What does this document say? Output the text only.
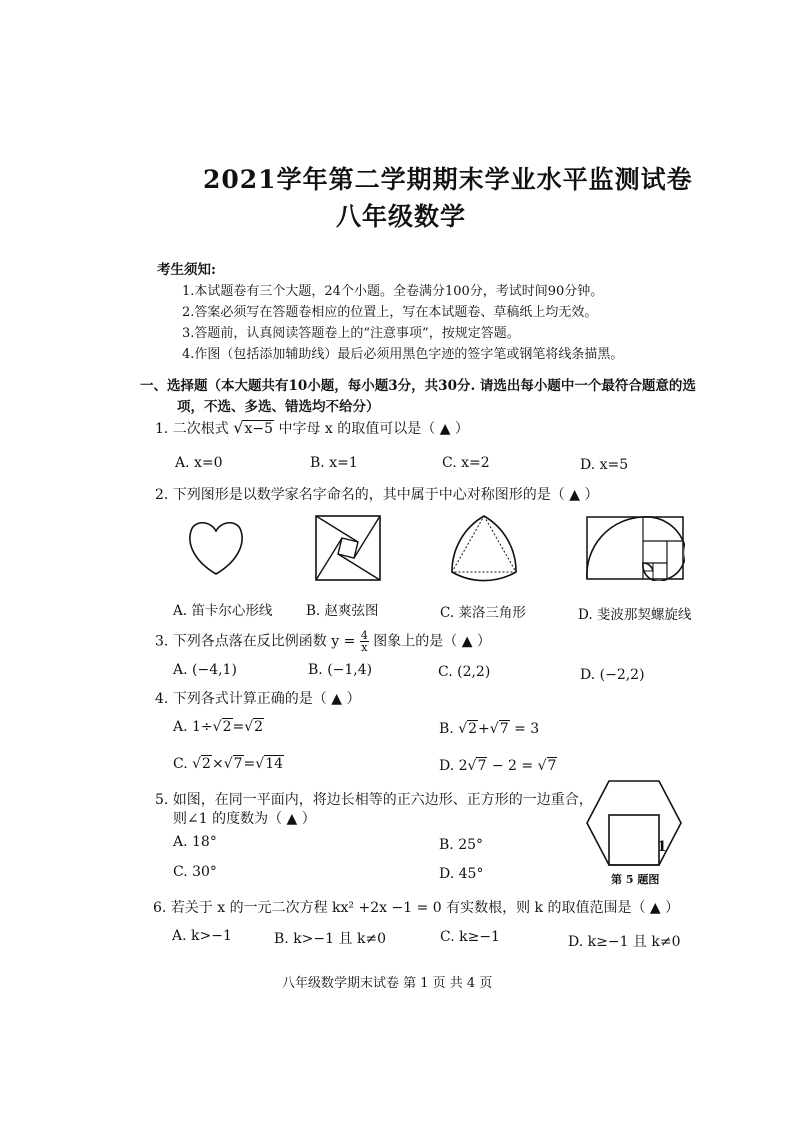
2021学年第二学期期末学业水平监测试卷
八年级数学
考生须知:
1.本试题卷有三个大题，24个小题。全卷满分100分，考试时间90分钟。
2.答案必须写在答题卷相应的位置上，写在本试题卷、草稿纸上均无效。
3.答题前，认真阅读答题卷上的“注意事项”，按规定答题。
4.作图（包括添加辅助线）最后必须用黑色字迹的签字笔或钢笔将线条描黑。
一、选择题（本大题共有10小题，每小题3分，共30分. 请选出每小题中一个最符合题意的选
项，不选、多选、错选均不给分）
1. 二次根式 √x−5 中字母 x 的取值可以是（ ▲ ）
A. x=0	B. x=1	C. x=2	D. x=5
2. 下列图形是以数学家名字命名的，其中属于中心对称图形的是（ ▲ ）
A. 笛卡尔心形线 B. 赵爽弦图	C. 莱洛三角形	D. 斐波那契螺旋线
3. 下列各点落在反比例函数 $y = \frac{4}{x}$ 图象上的是（ ▲ ）
A. (−4,1)	B. (−1,4)	C. (2,2)	D. (−2,2)
4. 下列各式计算正确的是（ ▲ ）
A. 1÷√2=√2	B. √2+√7 = 3
C. √2×√7=√14	D. 2√7 − 2 = √7
5. 如图，在同一平面内，将边长相等的正六边形、正方形的一边重合，
则∠1 的度数为（ ▲ ）
A. 18°	B. 25°
C. 30°	D. 45°
1
第 5 题图
6. 若关于 x 的一元二次方程 kx² +2x −1 = 0 有实数根，则 k 的取值范围是（ ▲ ）
A. k>−1	B. k>−1 且 k≠0	C. k≥−1	D. k≥−1 且 k≠0
八年级数学期末试卷 第 1 页 共 4 页
